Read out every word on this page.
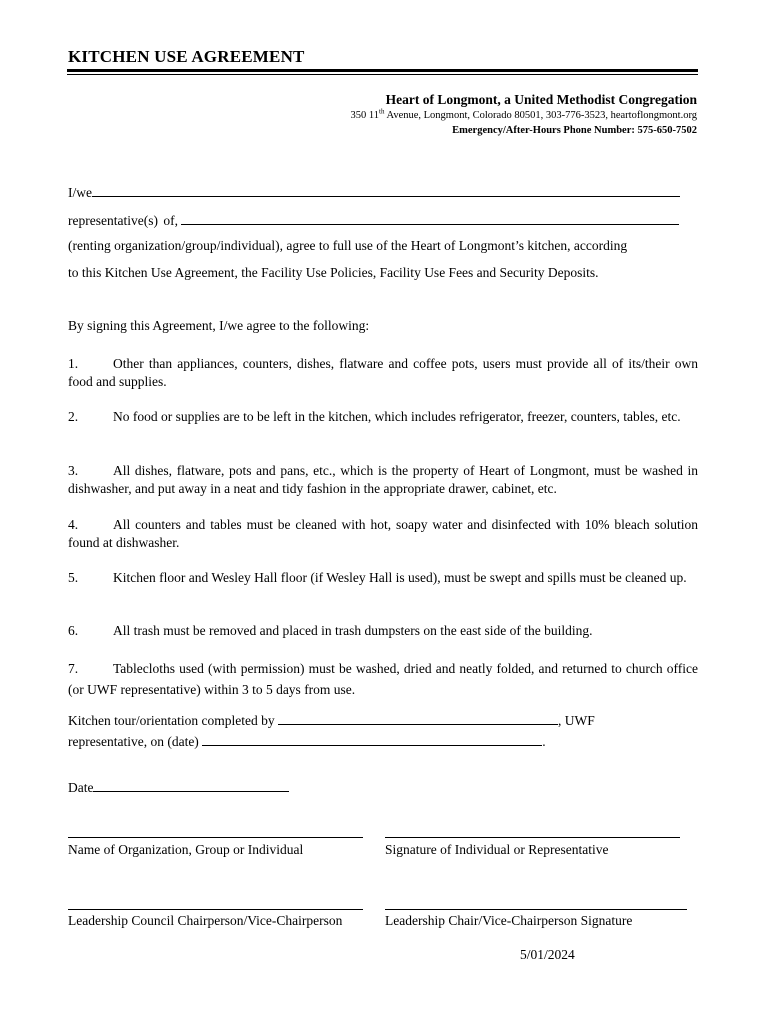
KITCHEN USE AGREEMENT
Heart of Longmont, a United Methodist Congregation
350 11th Avenue, Longmont, Colorado 80501, 303-776-3523, heartoflongmont.org
Emergency/After-Hours Phone Number: 575-650-7502
I/we
representative(s) of,
(renting organization/group/individual), agree to full use of the Heart of Longmont’s kitchen, according
to this Kitchen Use Agreement, the Facility Use Policies, Facility Use Fees and Security Deposits.
By signing this Agreement, I/we agree to the following:
1.	Other than appliances, counters, dishes, flatware and coffee pots, users must provide all of its/their own food and supplies.
2.	No food or supplies are to be left in the kitchen, which includes refrigerator, freezer, counters, tables, etc.
3.	All dishes, flatware, pots and pans, etc., which is the property of Heart of Longmont, must be washed in dishwasher, and put away in a neat and tidy fashion in the appropriate drawer, cabinet, etc.
4.	All counters and tables must be cleaned with hot, soapy water and disinfected with 10% bleach solution found at dishwasher.
5.	Kitchen floor and Wesley Hall floor (if Wesley Hall is used), must be swept and spills must be cleaned up.
6.	All trash must be removed and placed in trash dumpsters on the east side of the building.
7.	Tablecloths used (with permission) must be washed, dried and neatly folded, and returned to church office (or UWF representative) within 3 to 5 days from use.
Kitchen tour/orientation completed by	, UWF
representative, on (date)	.
Date
Name of Organization, Group or Individual	Signature of Individual or Representative
Leadership Council Chairperson/Vice-Chairperson	Leadership Chair/Vice-Chairperson Signature
5/01/2024
